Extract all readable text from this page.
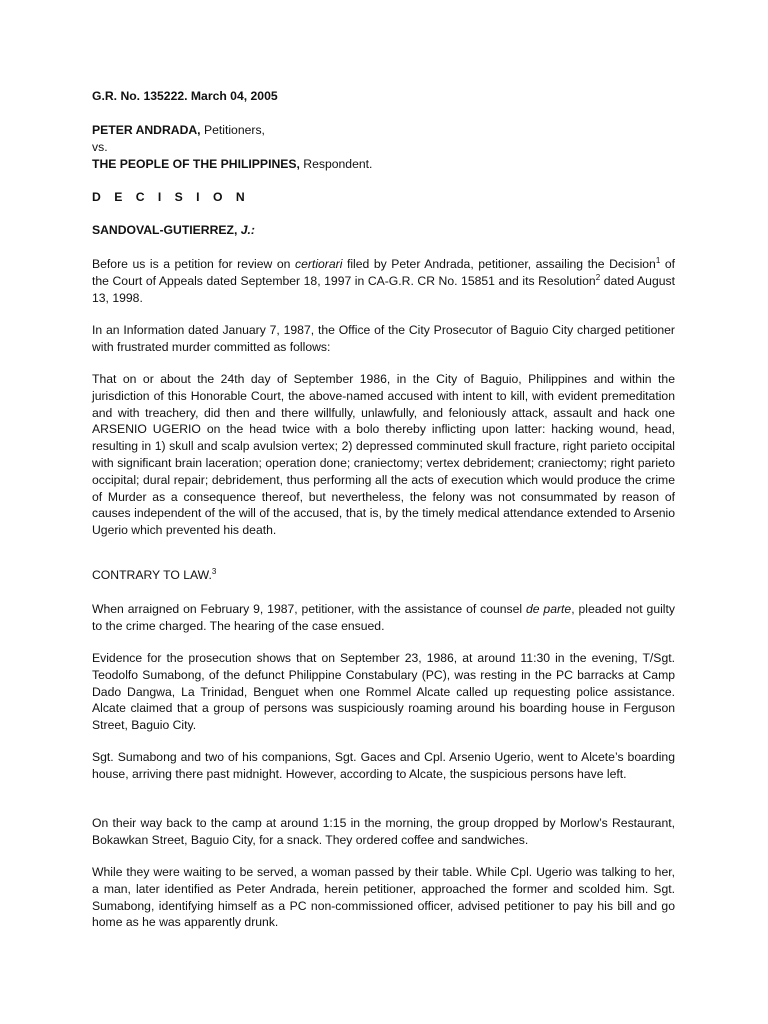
G.R. No. 135222. March 04, 2005

PETER ANDRADA, Petitioners,

vs.

THE PEOPLE OF THE PHILIPPINES, Respondent.

D E C I S I O N

SANDOVAL-GUTIERREZ, J.:

Before us is a petition for review on certiorari filed by Peter Andrada, petitioner, assailing the Decision$^1$ of the Court of Appeals dated September 18, 1997 in CA-G.R. CR No. 15851 and its Resolution$^2$ dated August 13, 1998.

In an Information dated January 7, 1987, the Office of the City Prosecutor of Baguio City charged petitioner with frustrated murder committed as follows:

That on or about the 24th day of September 1986, in the City of Baguio, Philippines and within the jurisdiction of this Honorable Court, the above-named accused with intent to kill, with evident premeditation and with treachery, did then and there willfully, unlawfully, and feloniously attack, assault and hack one ARSENIO UGERIO on the head twice with a bolo thereby inflicting upon latter: hacking wound, head, resulting in 1) skull and scalp avulsion vertex; 2) depressed comminuted skull fracture, right parieto occipital with significant brain laceration; operation done; craniectomy; vertex debridement; craniectomy; right parieto occipital; dural repair; debridement, thus performing all the acts of execution which would produce the crime of Murder as a consequence thereof, but nevertheless, the felony was not consummated by reason of causes independent of the will of the accused, that is, by the timely medical attendance extended to Arsenio Ugerio which prevented his death.

CONTRARY TO LAW.$^3$

When arraigned on February 9, 1987, petitioner, with the assistance of counsel de parte, pleaded not guilty to the crime charged. The hearing of the case ensued.

Evidence for the prosecution shows that on September 23, 1986, at around 11:30 in the evening, T/Sgt. Teodolfo Sumabong, of the defunct Philippine Constabulary (PC), was resting in the PC barracks at Camp Dado Dangwa, La Trinidad, Benguet when one Rommel Alcate called up requesting police assistance. Alcate claimed that a group of persons was suspiciously roaming around his boarding house in Ferguson Street, Baguio City.

Sgt. Sumabong and two of his companions, Sgt. Gaces and Cpl. Arsenio Ugerio, went to Alcete’s boarding house, arriving there past midnight. However, according to Alcate, the suspicious persons have left.

On their way back to the camp at around 1:15 in the morning, the group dropped by Morlow’s Restaurant, Bokawkan Street, Baguio City, for a snack. They ordered coffee and sandwiches.

While they were waiting to be served, a woman passed by their table. While Cpl. Ugerio was talking to her, a man, later identified as Peter Andrada, herein petitioner, approached the former and scolded him. Sgt. Sumabong, identifying himself as a PC non-commissioned officer, advised petitioner to pay his bill and go home as he was apparently drunk.
